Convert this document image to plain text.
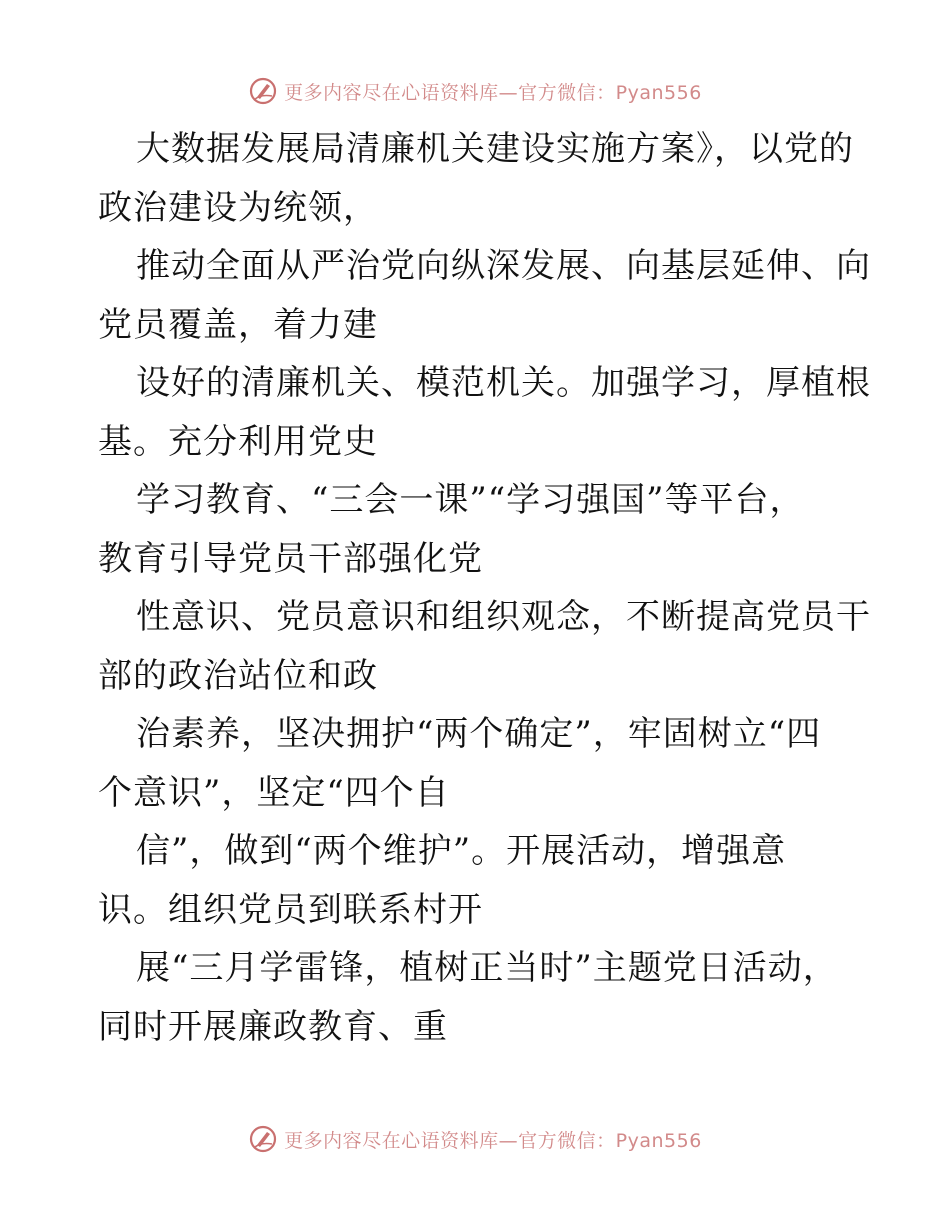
更多内容尽在心语资料库—官方微信：Pyan556
大数据发展局清廉机关建设实施方案》，以党的
政治建设为统领，
推动全面从严治党向纵深发展、向基层延伸、向
党员覆盖，着力建
设好的清廉机关、模范机关。加强学习，厚植根
基。充分利用党史
学习教育、“三会一课”“学习强国”等平台，
教育引导党员干部强化党
性意识、党员意识和组织观念，不断提高党员干
部的政治站位和政
治素养，坚决拥护“两个确定”，牢固树立“四
个意识”，坚定“四个自
信”，做到“两个维护”。开展活动，增强意
识。组织党员到联系村开
展“三月学雷锋，植树正当时”主题党日活动，
同时开展廉政教育、重
更多内容尽在心语资料库—官方微信：Pyan556
